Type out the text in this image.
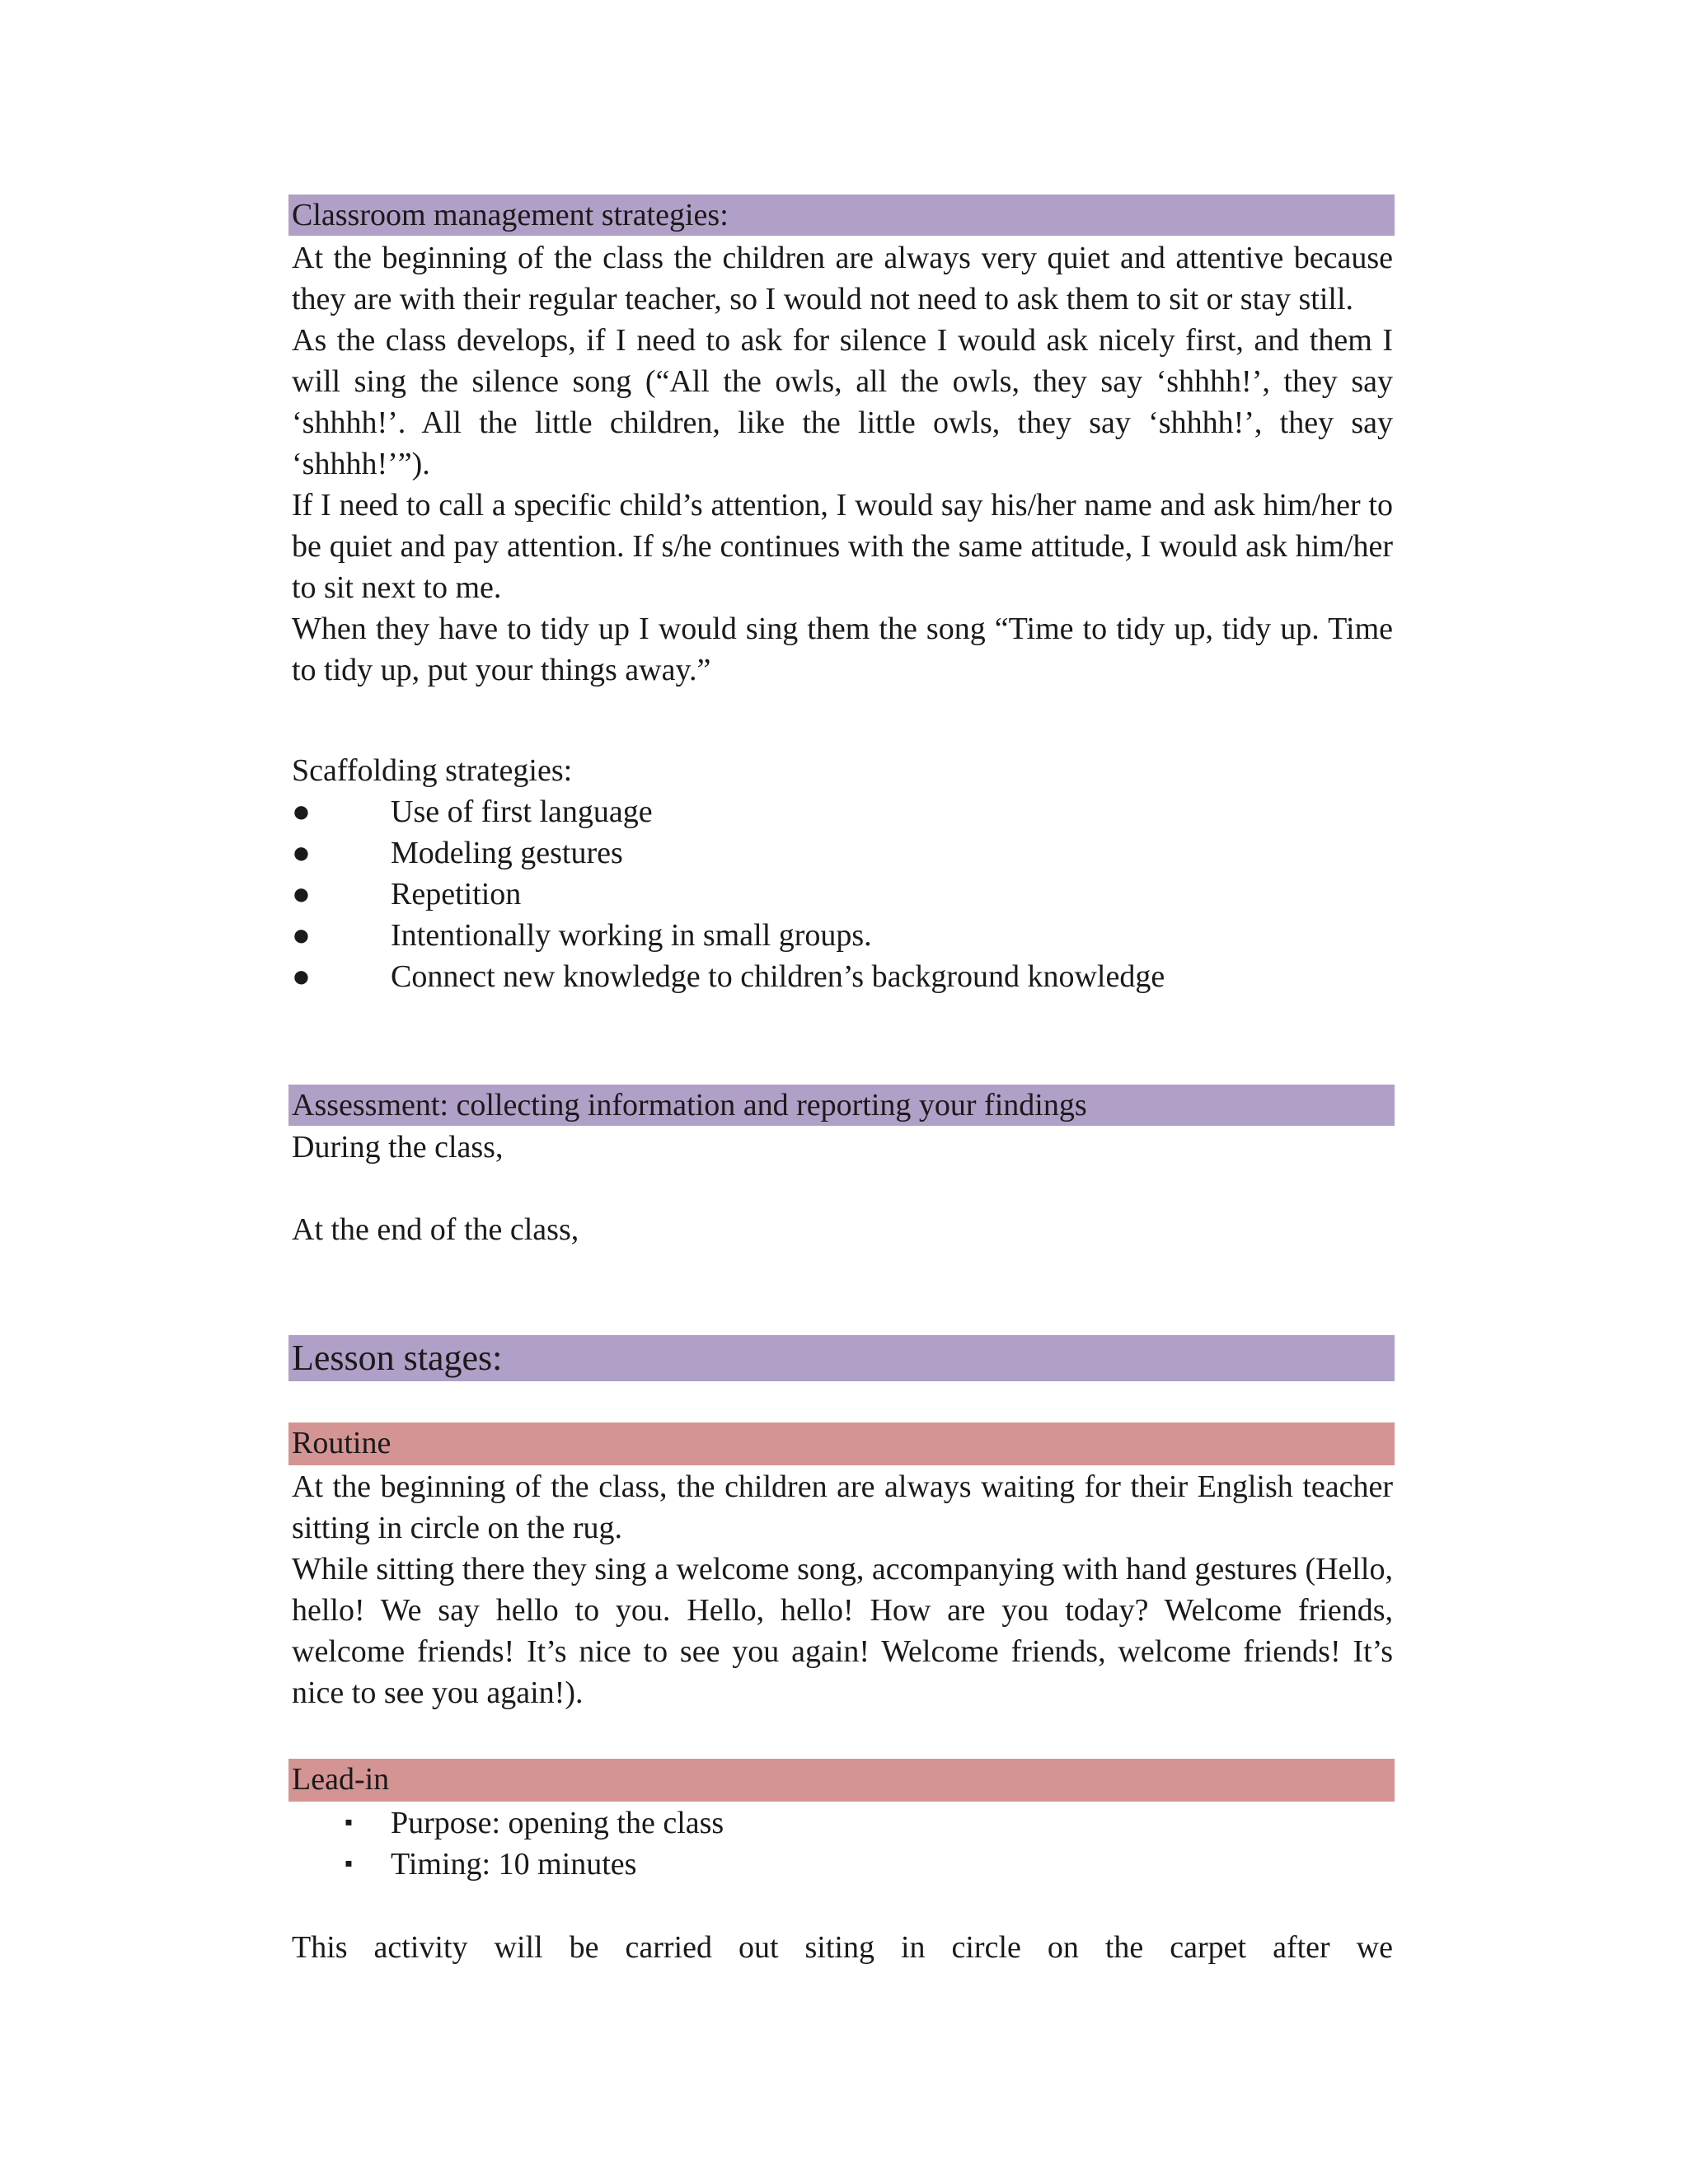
Classroom management strategies:

At the beginning of the class the children are always very quiet and attentive because they are with their regular teacher, so I would not need to ask them to sit or stay still.

As the class develops, if I need to ask for silence I would ask nicely first, and them I will sing the silence song (“All the owls, all the owls, they say ‘shhhh!’, they say ‘shhhh!’. All the little children, like the little owls, they say ‘shhhh!’, they say ‘shhhh!’”).

If I need to call a specific child’s attention, I would say his/her name and ask him/her to be quiet and pay attention. If s/he continues with the same attitude, I would ask him/her to sit next to me.

When they have to tidy up I would sing them the song “Time to tidy up, tidy up. Time to tidy up, put your things away.”

Scaffolding strategies:

●	Use of first language
●	Modeling gestures
●	Repetition
●	Intentionally working in small groups.
●	Connect new knowledge to children’s background knowledge
Assessment: collecting information and reporting your findings

During the class,

At the end of the class,

Lesson stages:
Routine

At the beginning of the class, the children are always waiting for their English teacher sitting in circle on the rug.

While sitting there they sing a welcome song, accompanying with hand gestures (Hello, hello! We say hello to you. Hello, hello! How are you today? Welcome friends, welcome friends! It’s nice to see you again! Welcome friends, welcome friends! It’s nice to see you again!).

Lead-in
▪	Purpose: opening the class
▪	Timing: 10 minutes

This activity will be carried out siting in circle on the carpet after we
